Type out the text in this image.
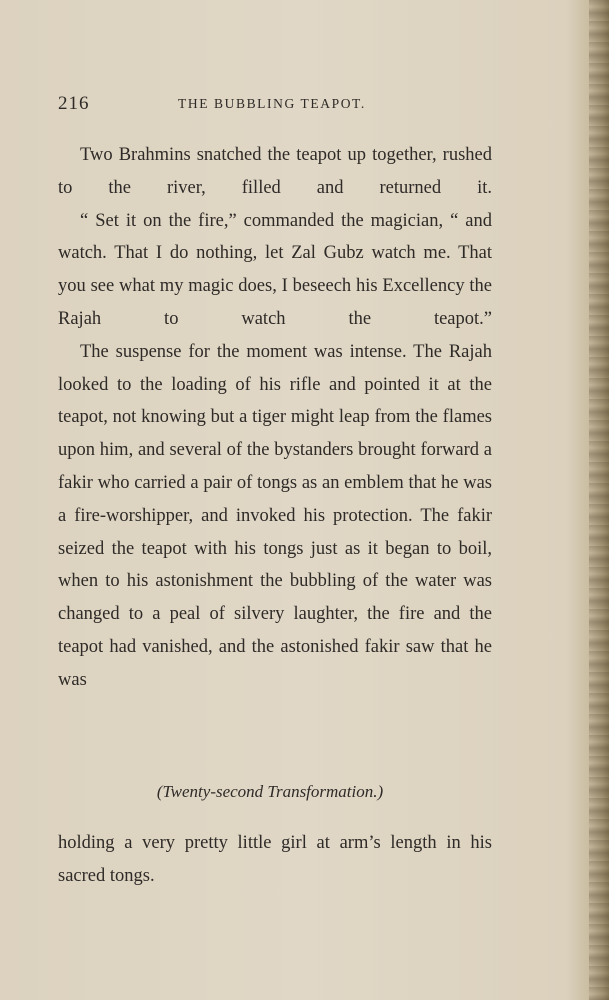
216	THE BUBBLING TEAPOT.

Two Brahmins snatched the teapot up together, rushed to the river, filled and returned it.

“ Set it on the fire,” commanded the magician, “ and watch. That I do nothing, let Zal Gubz watch me. That you see what my magic does, I beseech his Excellency the Rajah to watch the teapot.”

The suspense for the moment was intense. The Rajah looked to the loading of his rifle and pointed it at the teapot, not knowing but a tiger might leap from the flames upon him, and several of the bystanders brought forward a fakir who carried a pair of tongs as an emblem that he was a fire-worshipper, and invoked his protection. The fakir seized the teapot with his tongs just as it began to boil, when to his astonishment the bubbling of the water was changed to a peal of silvery laughter, the fire and the teapot had vanished, and the astonished fakir saw that he was

(Twenty-second Transformation.)

holding a very pretty little girl at arm’s length in his sacred tongs.
